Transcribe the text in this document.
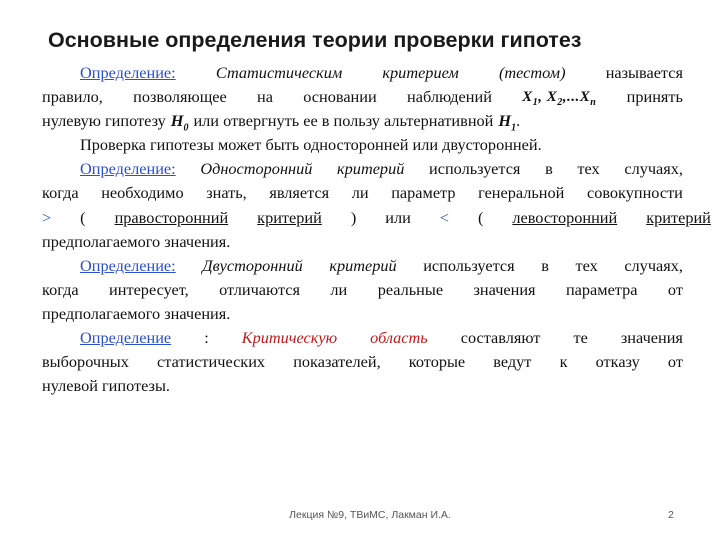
Основные определения теории проверки гипотез
Определение: Статистическим критерием (тестом) называется
правило, позволяющее на основании наблюдений $X_1$, $X_2,...X_n$ принять
нулевую гипотезу $H_0$ или отвергнуть ее в пользу альтернативной $H_1$ .
Проверка гипотезы может быть односторонней или двусторонней.
Определение: Односторонний критерий используется в тех случаях,
когда необходимо знать, является ли параметр генеральной совокупности
> ( правосторонний критерий ) или < ( левосторонний критерий
предполагаемого значения.
Определение: Двусторонний критерий используется в тех случаях,
когда интересует, отличаются ли реальные значения параметра от
предполагаемого значения.
Определение : Критическую область составляют те значения
выборочных статистических показателей, которые ведут к отказу от
нулевой гипотезы.
Лекция №9, ТВиМС, Лакман И.А.	2
